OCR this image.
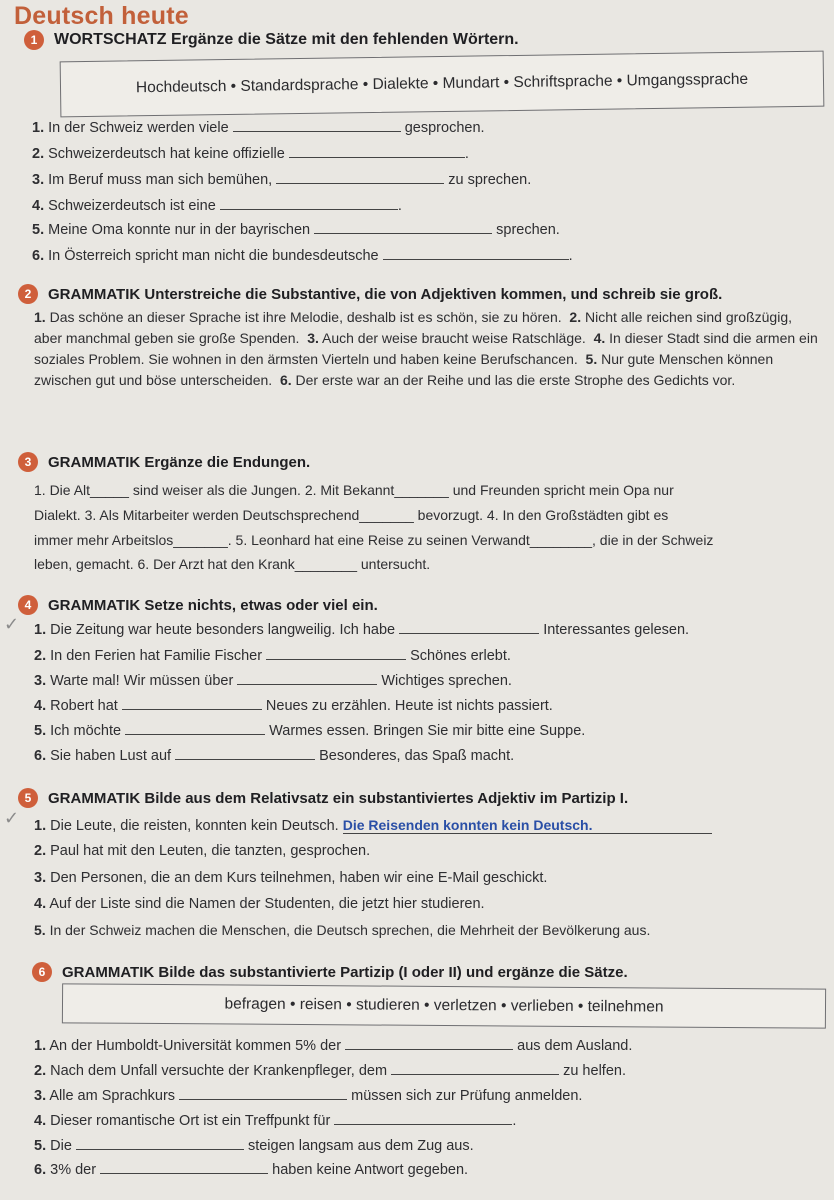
Deutsch heute
1	WORTSCHATZ Ergänze die Sätze mit den fehlenden Wörtern.
Hochdeutsch • Standardsprache • Dialekte • Mundart • Schriftsprache • Umgangssprache
1. In der Schweiz werden viele	gesprochen.
2. Schweizerdeutsch hat keine offizielle	.
3. Im Beruf muss man sich bemühen,	zu sprechen.
4. Schweizerdeutsch ist eine	.
5. Meine Oma konnte nur in der bayrischen	sprechen.
6. In Österreich spricht man nicht die bundesdeutsche	.
2	GRAMMATIK Unterstreiche die Substantive, die von Adjektiven kommen, und schreib sie groß.
1. Das schöne an dieser Sprache ist ihre Melodie, deshalb ist es schön, sie zu hören. 2. Nicht alle reichen sind großzügig, aber manchmal geben sie große Spenden. 3. Auch der weise braucht weise Ratschläge. 4. In dieser Stadt sind die armen ein soziales Problem. Sie wohnen in den ärmsten Vierteln und haben keine Berufschancen. 5. Nur gute Menschen können zwischen gut und böse unterscheiden. 6. Der erste war an der Reihe und las die erste Strophe des Gedichts vor.
3	GRAMMATIK Ergänze die Endungen.
1. Die Alt_____ sind weiser als die Jungen. 2. Mit Bekannt_______ und Freunden spricht mein Opa nur
Dialekt. 3. Als Mitarbeiter werden Deutschsprechend_______ bevorzugt. 4. In den Großstädten gibt es
immer mehr Arbeitslos_______. 5. Leonhard hat eine Reise zu seinen Verwandt________, die in der Schweiz
leben, gemacht. 6. Der Arzt hat den Krank________ untersucht.
4	GRAMMATIK Setze nichts, etwas oder viel ein.
✓ 1. Die Zeitung war heute besonders langweilig. Ich habe	Interessantes gelesen.
2. In den Ferien hat Familie Fischer	Schönes erlebt.
3. Warte mal! Wir müssen über	Wichtiges sprechen.
4. Robert hat	Neues zu erzählen. Heute ist nichts passiert.
5. Ich möchte	Warmes essen. Bringen Sie mir bitte eine Suppe.
6. Sie haben Lust auf	Besonderes, das Spaß macht.
5	GRAMMATIK Bilde aus dem Relativsatz ein substantiviertes Adjektiv im Partizip I.
✓ 1. Die Leute, die reisten, konnten kein Deutsch. Die Reisenden konnten kein Deutsch.
2. Paul hat mit den Leuten, die tanzten, gesprochen.
3. Den Personen, die an dem Kurs teilnehmen, haben wir eine E-Mail geschickt.
4. Auf der Liste sind die Namen der Studenten, die jetzt hier studieren.
5. In der Schweiz machen die Menschen, die Deutsch sprechen, die Mehrheit der Bevölkerung aus.
6	GRAMMATIK Bilde das substantivierte Partizip (I oder II) und ergänze die Sätze.
befragen • reisen • studieren • verletzen • verlieben • teilnehmen
1. An der Humboldt-Universität kommen 5% der	aus dem Ausland.
2. Nach dem Unfall versuchte der Krankenpfleger, dem	zu helfen.
3. Alle am Sprachkurs	müssen sich zur Prüfung anmelden.
4. Dieser romantische Ort ist ein Treffpunkt für	.
5. Die	steigen langsam aus dem Zug aus.
6. 3% der	haben keine Antwort gegeben.
